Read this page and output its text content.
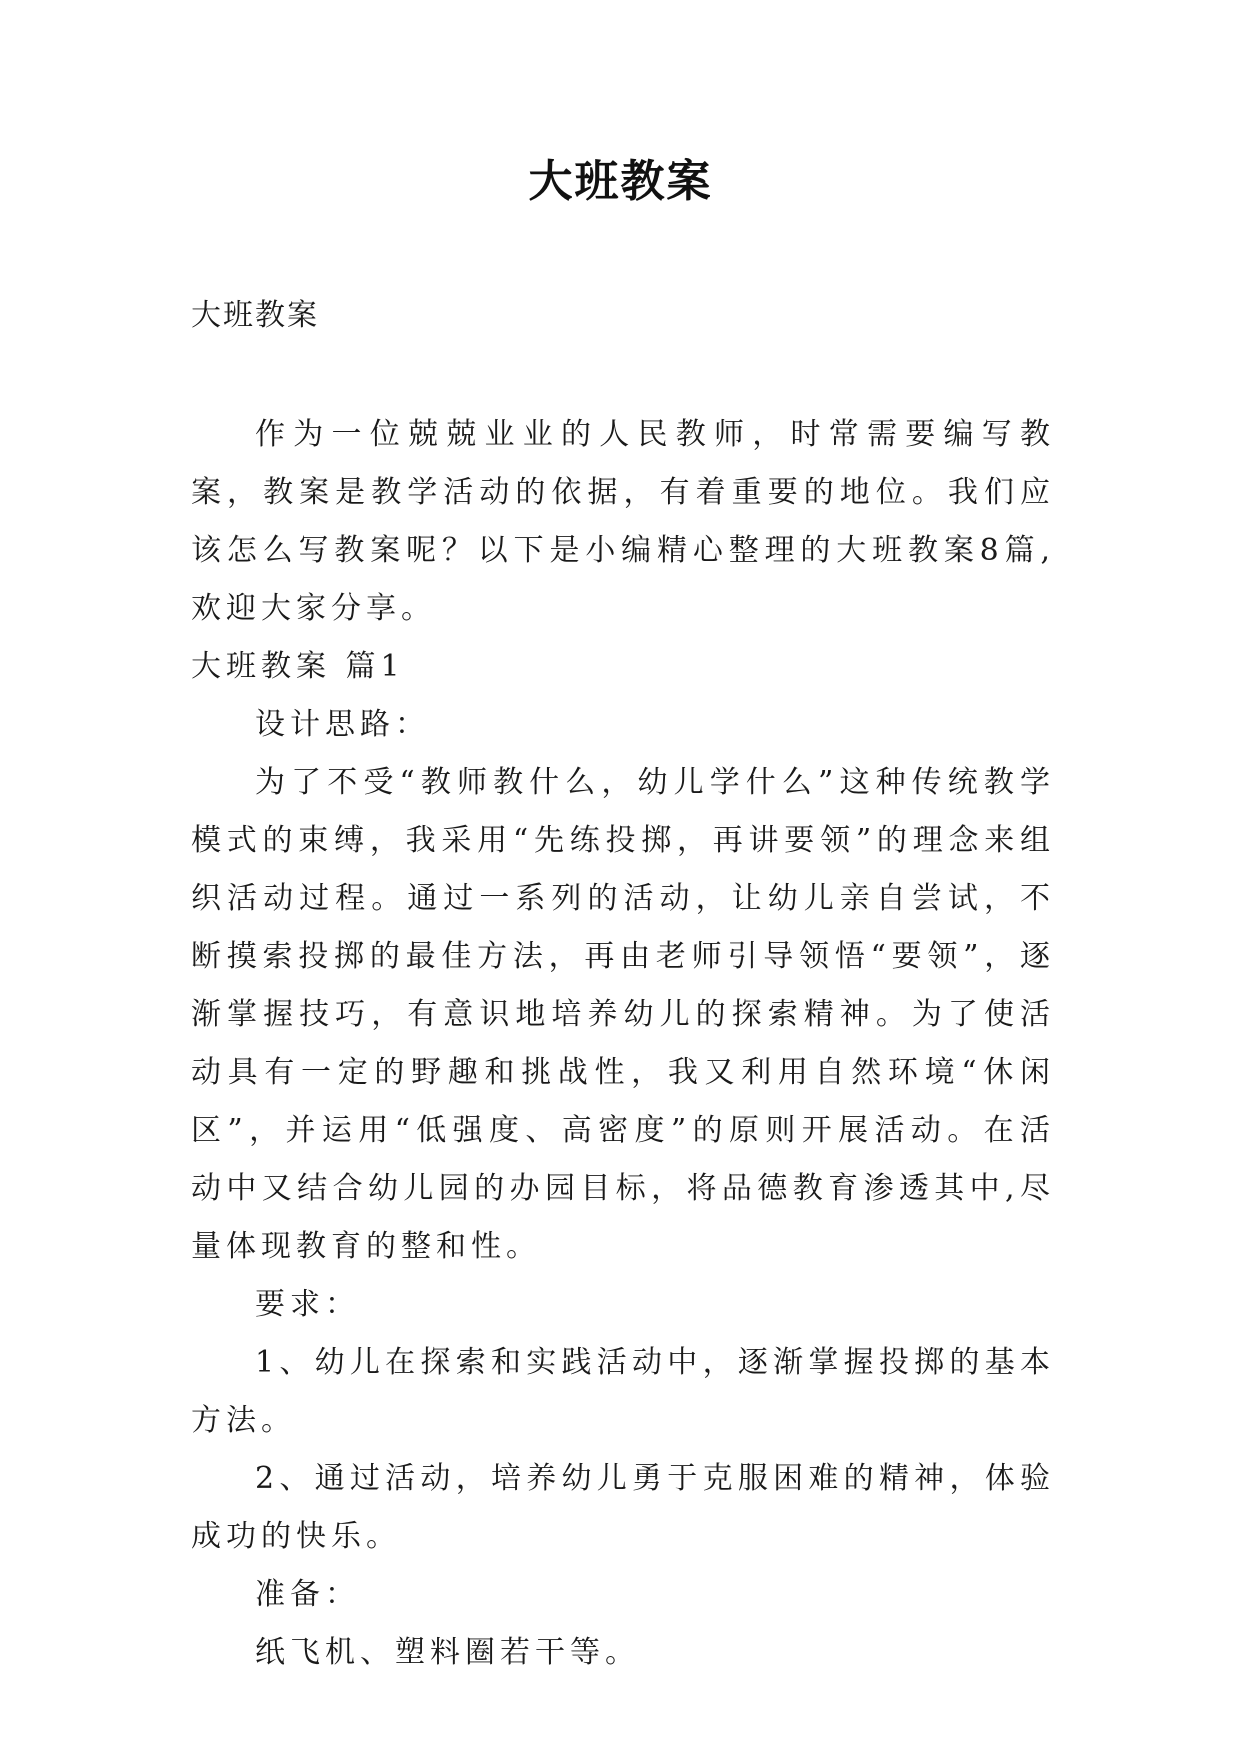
大班教案
大班教案

作为一位兢兢业业的人民教师，时常需要编写教案，教案是教学活动的依据，有着重要的地位。我们应该怎么写教案呢？以下是小编精心整理的大班教案8篇,欢迎大家分享。

大班教案 篇1

设计思路：

为了不受“教师教什么，幼儿学什么”这种传统教学模式的束缚，我采用“先练投掷，再讲要领”的理念来组织活动过程。通过一系列的活动，让幼儿亲自尝试，不断摸索投掷的最佳方法，再由老师引导领悟“要领”，逐渐掌握技巧，有意识地培养幼儿的探索精神。为了使活动具有一定的野趣和挑战性，我又利用自然环境“休闲区”，并运用“低强度、高密度”的原则开展活动。在活动中又结合幼儿园的办园目标，将品德教育渗透其中,尽量体现教育的整和性。

要求：

1、幼儿在探索和实践活动中，逐渐掌握投掷的基本方法。

2、通过活动，培养幼儿勇于克服困难的精神，体验成功的快乐。

准备：

纸飞机、塑料圈若干等。
